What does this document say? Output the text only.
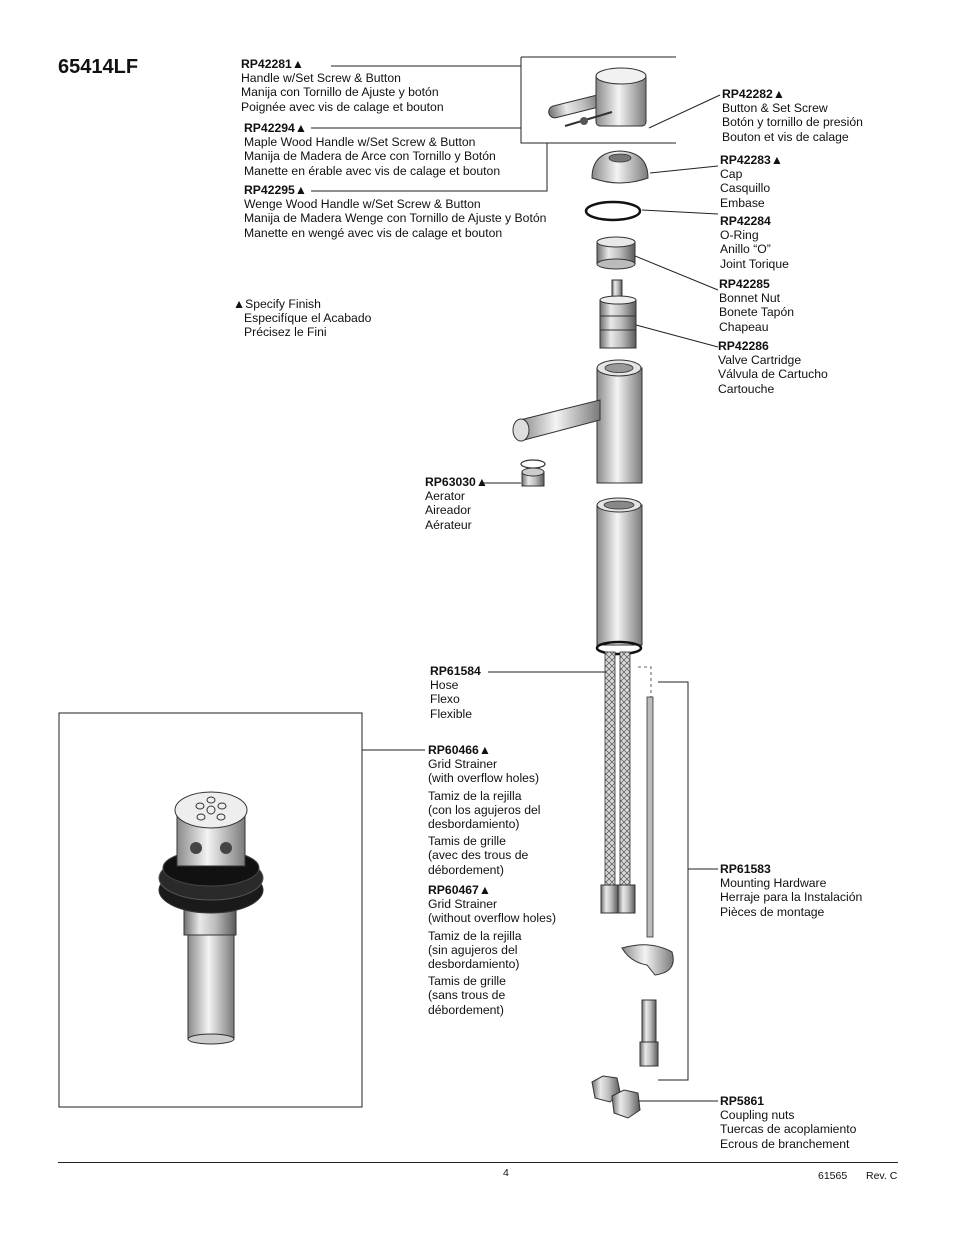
65414LF	RP42281▲
Handle w/Set Screw & Button
Manija con Tornillo de Ajuste y botón
Poignée avec vis de calage et bouton
RP42294▲
Maple Wood Handle w/Set Screw & Button
Manija de Madera de Arce con Tornillo y Botón
Manette en érable avec vis de calage et bouton
RP42295▲
Wenge Wood Handle w/Set Screw & Button
Manija de Madera Wenge con Tornillo de Ajuste y Botón
Manette en wengé avec vis de calage et bouton
▲Specify Finish
Especifíque el Acabado
Précisez le Fini
RP42282▲
Button & Set Screw
Botón y tornillo de presión
Bouton et vis de calage
RP42283▲
Cap
Casquillo
Embase
RP42284
O-Ring
Anillo “O”
Joint Torique
RP42285
Bonnet Nut
Bonete Tapón
Chapeau
RP42286
Valve Cartridge
Válvula de Cartucho
Cartouche
RP63030▲
Aerator
Aireador
Aérateur
RP61584
Hose
Flexo
Flexible
RP60466▲
Grid Strainer
(with overflow holes)
Tamiz de la rejilla
(con los agujeros del
desbordamiento)
Tamis de grille
(avec des trous de
débordement)
RP60467▲
Grid Strainer
(without overflow holes)
Tamiz de la rejilla
(sin agujeros del
desbordamiento)
Tamis de grille
(sans trous de
débordement)
RP61583
Mounting Hardware
Herraje para la Instalación
Pièces de montage
RP5861
Coupling nuts
Tuercas de acoplamiento
Ecrous de branchement
4	61565 Rev. C
